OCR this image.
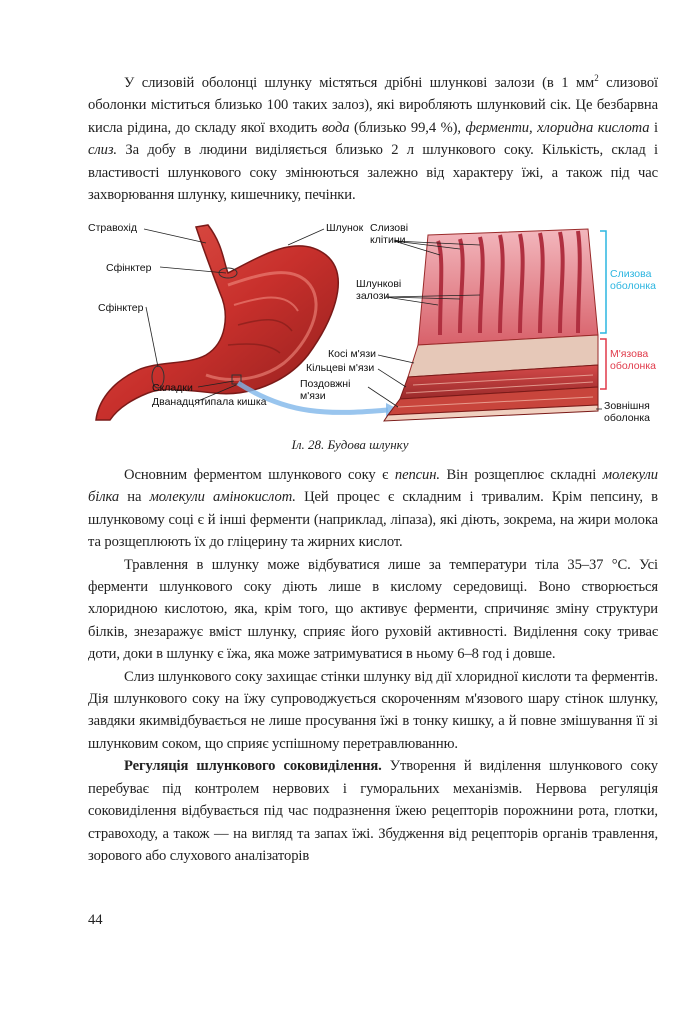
У слизовій оболонці шлунку містяться дрібні шлункові залози (в 1 $мм^2$ слизової оболонки міститься близько 100 таких залоз), які виробляють шлунковий сік. Це безбарвна кисла рідина, до складу якої входить вода (близько 99,4 %), ферменти, хлоридна кислота і слиз. За добу в людини виділяється близько 2 л шлункового соку. Кількість, склад і властивості шлункового соку змінюються залежно від характеру їжі, а також під час захворювання шлунку, кишечнику, печінки.

Стравохід	Шлунок
Сфінктер
Сфінктер
Складки
Дванадцятипала кишка
Слизові
клітини
Шлункові
залози
Косі м'язи
Кільцеві м'язи
Поздовжні
м'язи
Зовнішня
оболонка
Слизова
оболонка
М'язова
оболонка
Іл. 28. Будова шлунку

Основним ферментом шлункового соку є пепсин. Він розщеплює складні молекули білка на молекули амінокислот. Цей процес є складним і тривалим. Крім пепсину, в шлунковому соці є й інші ферменти (наприклад, ліпаза), які діють, зокрема, на жири молока та розщеплюють їх до гліцерину та жирних кислот.

Травлення в шлунку може відбуватися лише за температури тіла 35–37 °С. Усі ферменти шлункового соку діють лише в кислому середовищі. Воно створюється хлоридною кислотою, яка, крім того, що активує ферменти, спричиняє зміну структури білків, знезаражує вміст шлунку, сприяє його руховій активності. Виділення соку триває доти, доки в шлунку є їжа, яка може затримуватися в ньому 6–8 год і довше.

Слиз шлункового соку захищає стінки шлунку від дії хлоридної кислоти та ферментів. Дія шлункового соку на їжу супроводжується скороченням м'язового шару стінок шлунку, завдяки якимвідбувається не лише просування їжі в тонку кишку, а й повне змішування її зі шлунковим соком, що сприяє успішному перетравлюванню.

Регуляція шлункового соковиділення. Утворення й виділення шлункового соку перебуває під контролем нервових і гуморальних механізмів. Нервова регуляція соковиділення відбувається під час подразнення їжею рецепторів порожнини рота, глотки, стравоходу, а також — на вигляд та запах їжі. Збудження від рецепторів органів травлення, зорового або слухового аналізаторів

44
